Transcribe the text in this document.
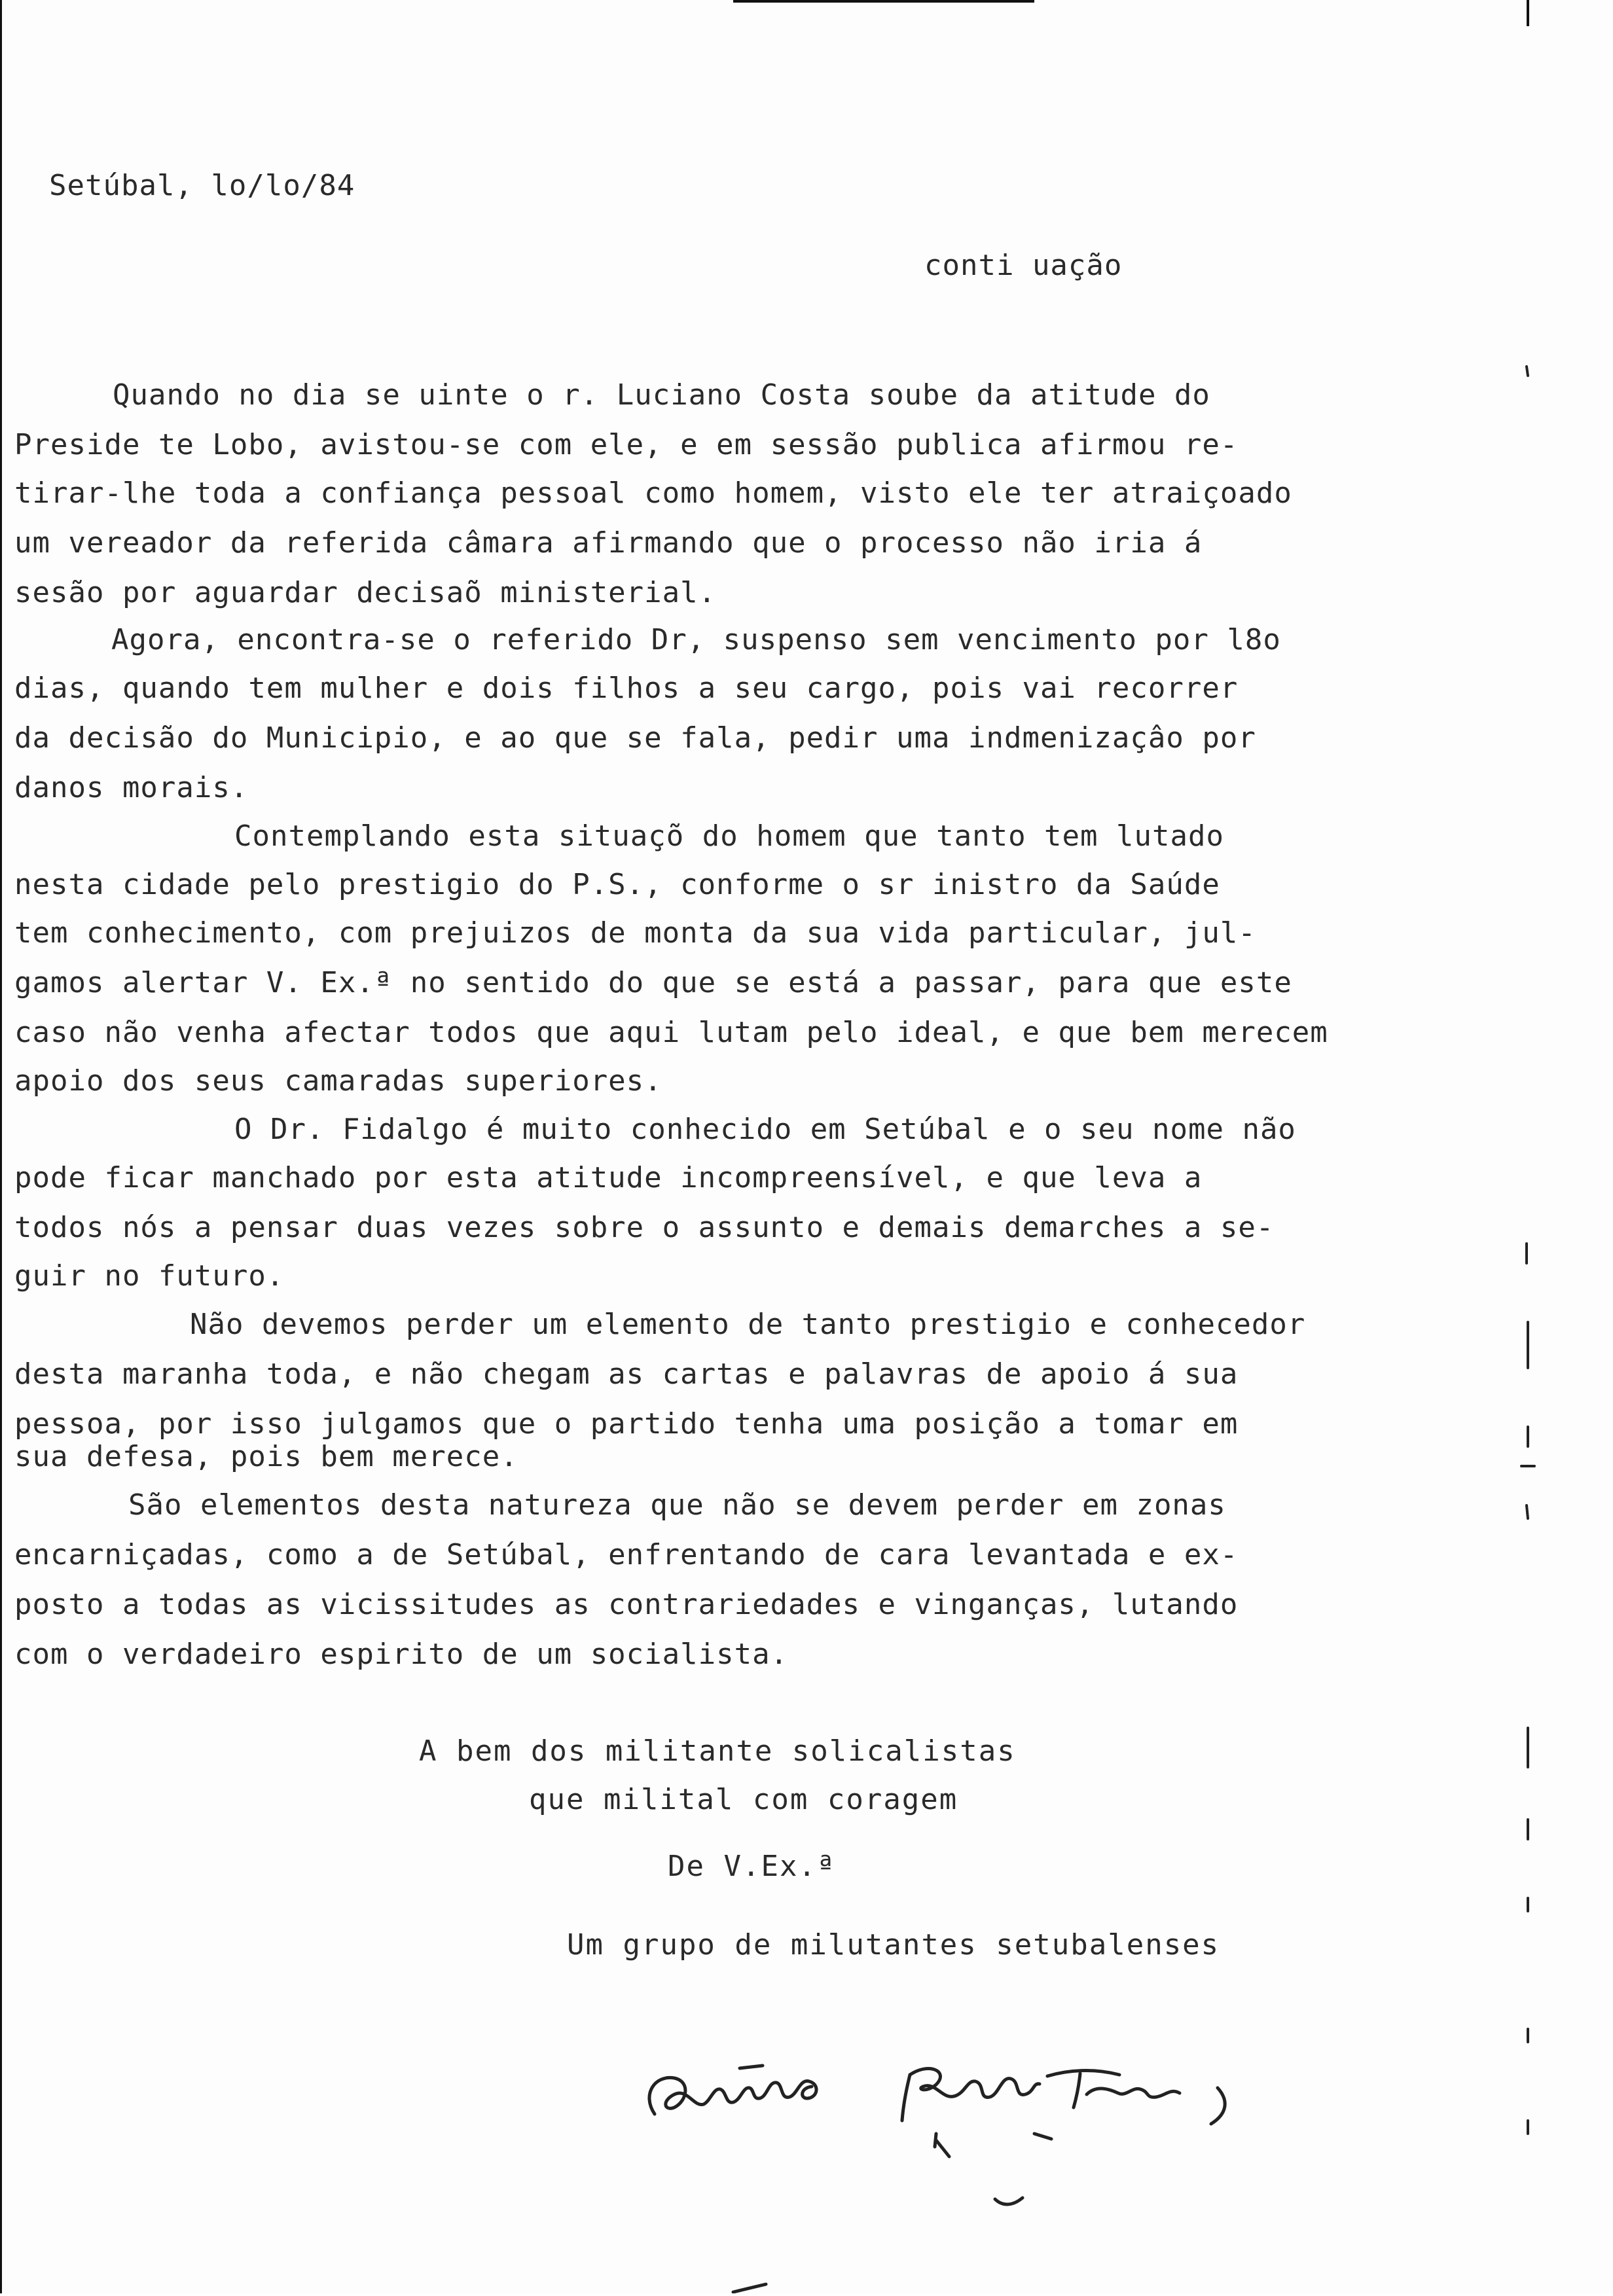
Setúbal, lo/lo/84
conti uação
Quando no dia se uinte o r. Luciano Costa soube da atitude do
Preside te Lobo, avistou-se com ele, e em sessão publica afirmou re-
tirar-lhe toda a confiança pessoal como homem, visto ele ter atraiçoado
um vereador da referida câmara afirmando que o processo não iria á
sesão por aguardar decisaõ ministerial.
Agora, encontra-se o referido Dr, suspenso sem vencimento por l8o
dias, quando tem mulher e dois filhos a seu cargo, pois vai recorrer
da decisão do Municipio, e ao que se fala, pedir uma indmenizaçâo por
danos morais.
Contemplando esta situaçõ do homem que tanto tem lutado
nesta cidade pelo prestigio do P.S., conforme o sr inistro da Saúde
tem conhecimento, com prejuizos de monta da sua vida particular, jul-
gamos alertar V. Ex.ª no sentido do que se está a passar, para que este
caso não venha afectar todos que aqui lutam pelo ideal, e que bem merecem
apoio dos seus camaradas superiores.
O Dr. Fidalgo é muito conhecido em Setúbal e o seu nome não
pode ficar manchado por esta atitude incompreensível, e que leva a
todos nós a pensar duas vezes sobre o assunto e demais demarches a se-
guir no futuro.
Não devemos perder um elemento de tanto prestigio e conhecedor
desta maranha toda, e não chegam as cartas e palavras de apoio á sua
pessoa, por isso julgamos que o partido tenha uma posição a tomar em
sua defesa, pois bem merece.
São elementos desta natureza que não se devem perder em zonas
encarniçadas, como a de Setúbal, enfrentando de cara levantada e ex-
posto a todas as vicissitudes as contrariedades e vinganças, lutando
com o verdadeiro espirito de um socialista.
A bem dos militante solicalistas
que milital com coragem
De V.Ex.ª
Um grupo de milutantes setubalenses
